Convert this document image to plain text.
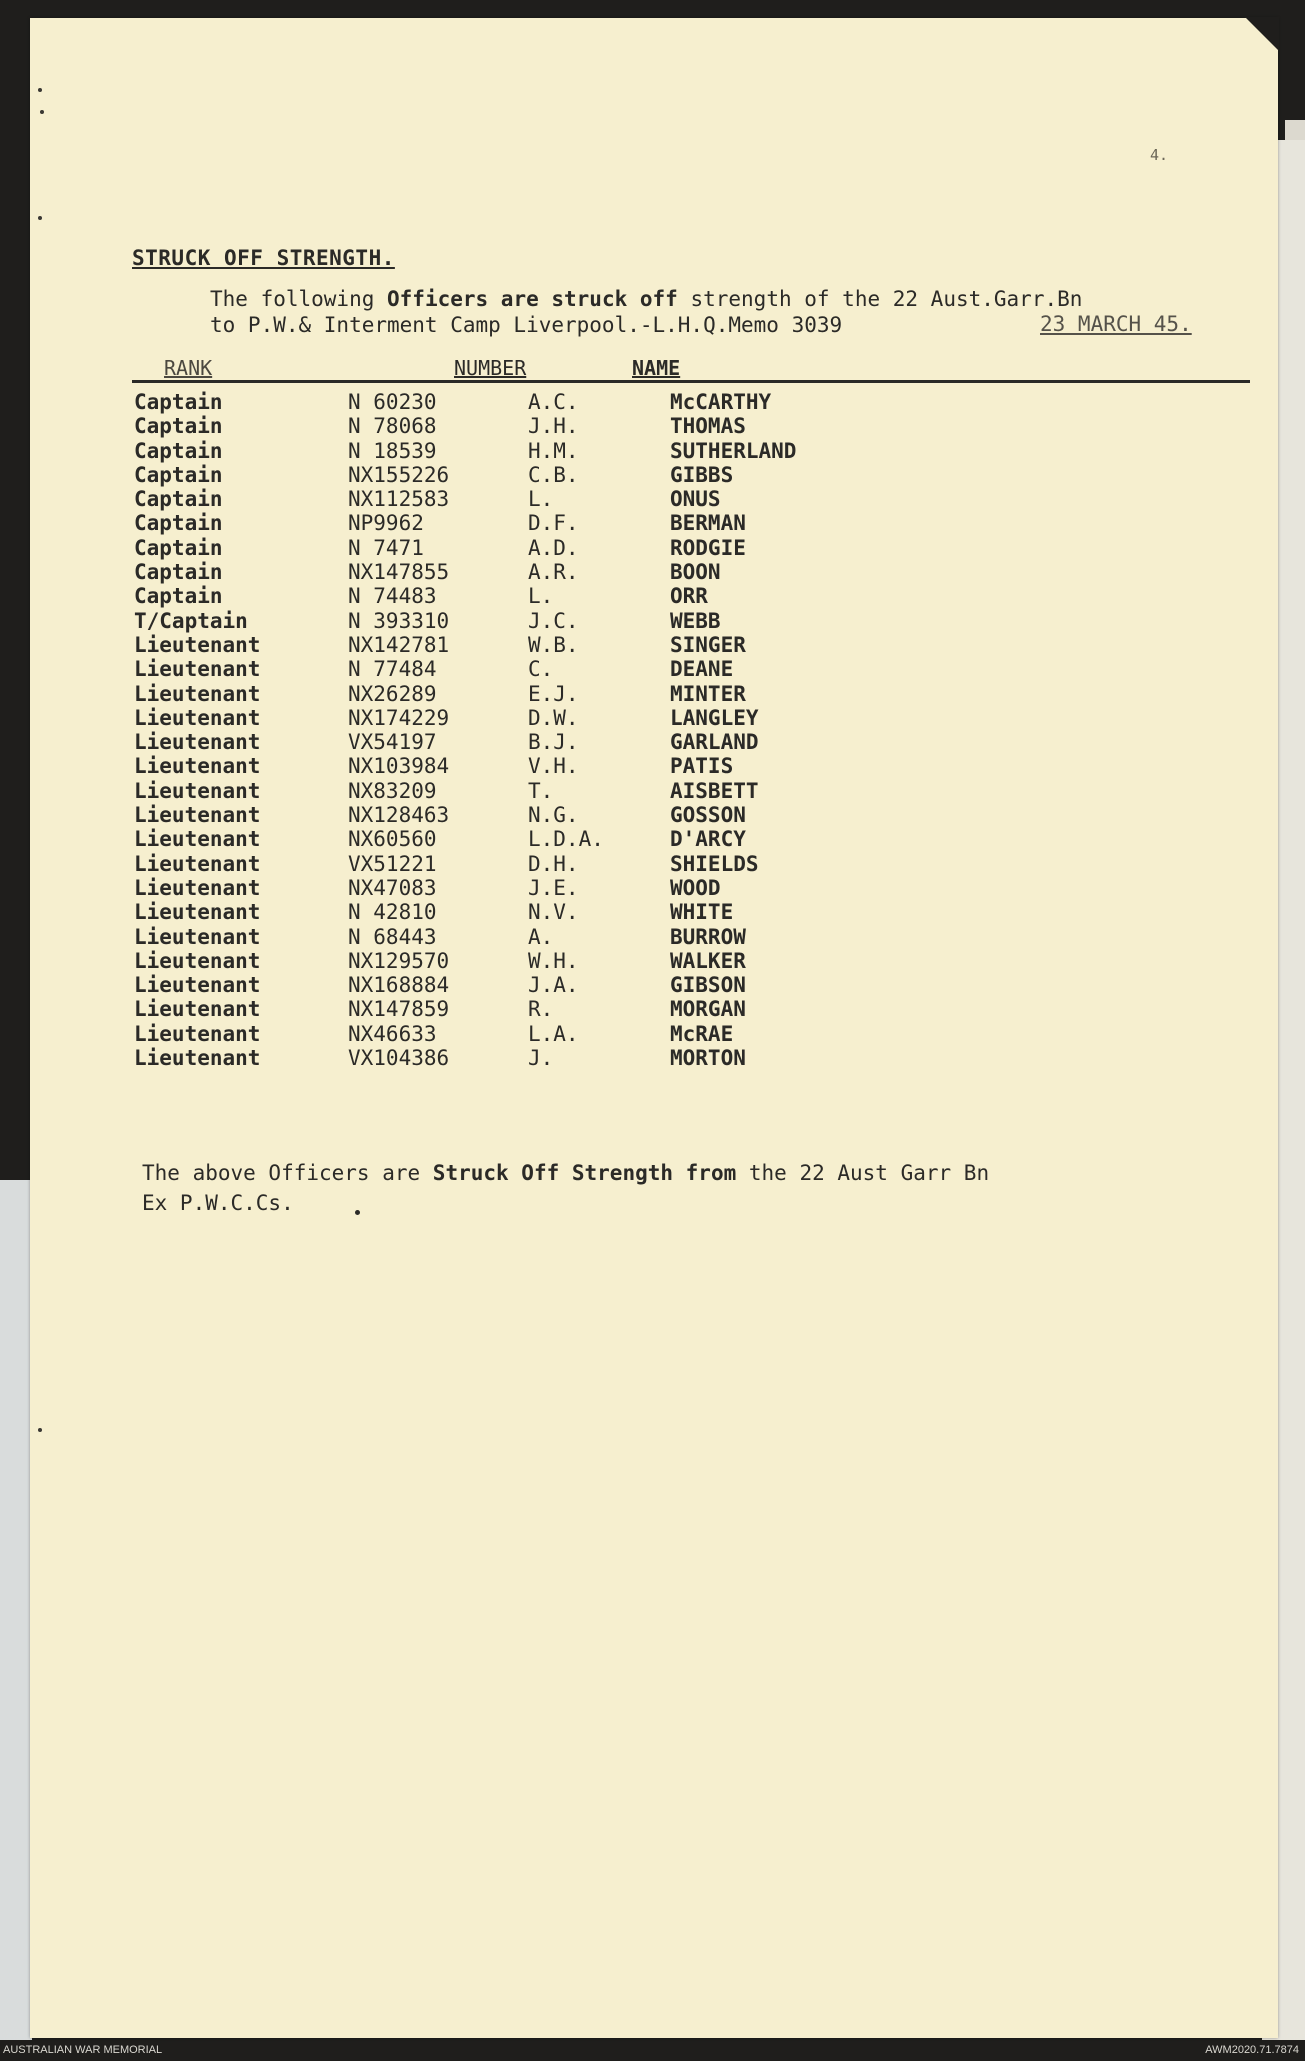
4.
STRUCK OFF STRENGTH.
The following Officers are struck off strength of the 22 Aust.Garr.Bn
to P.W.& Interment Camp Liverpool.-L.H.Q.Memo 3039	23 MARCH 45.
RANK	NUMBER	NAME
Captain	N 60230	A.C.	McCARTHY
Captain	N 78068	J.H.	THOMAS
Captain	N 18539	H.M.	SUTHERLAND
Captain	NX155226	C.B.	GIBBS
Captain	NX112583	L.	ONUS
Captain	NP9962	D.F.	BERMAN
Captain	N 7471	A.D.	RODGIE
Captain	NX147855	A.R.	BOON
Captain	N 74483	L.	ORR
T/Captain	N 393310	J.C.	WEBB
Lieutenant	NX142781	W.B.	SINGER
Lieutenant	N 77484	C.	DEANE
Lieutenant	NX26289	E.J.	MINTER
Lieutenant	NX174229	D.W.	LANGLEY
Lieutenant	VX54197	B.J.	GARLAND
Lieutenant	NX103984	V.H.	PATIS
Lieutenant	NX83209	T.	AISBETT
Lieutenant	NX128463	N.G.	GOSSON
Lieutenant	NX60560	L.D.A.	D'ARCY
Lieutenant	VX51221	D.H.	SHIELDS
Lieutenant	NX47083	J.E.	WOOD
Lieutenant	N 42810	N.V.	WHITE
Lieutenant	N 68443	A.	BURROW
Lieutenant	NX129570	W.H.	WALKER
Lieutenant	NX168884	J.A.	GIBSON
Lieutenant	NX147859	R.	MORGAN
Lieutenant	NX46633	L.A.	McRAE
Lieutenant	VX104386	J.	MORTON
The above Officers are Struck Off Strength from the 22 Aust Garr Bn
Ex P.W.C.Cs.
AUSTRALIAN WAR MEMORIAL	AWM2020.71.7874
